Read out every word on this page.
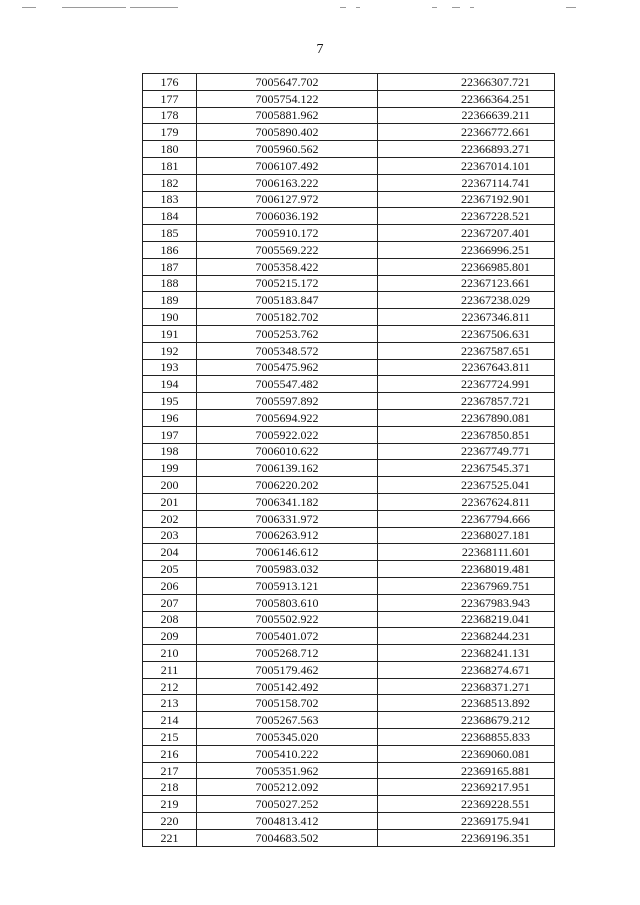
7
176	7005647.702	22366307.721
177	7005754.122	22366364.251
178	7005881.962	22366639.211
179	7005890.402	22366772.661
180	7005960.562	22366893.271
181	7006107.492	22367014.101
182	7006163.222	22367114.741
183	7006127.972	22367192.901
184	7006036.192	22367228.521
185	7005910.172	22367207.401
186	7005569.222	22366996.251
187	7005358.422	22366985.801
188	7005215.172	22367123.661
189	7005183.847	22367238.029
190	7005182.702	22367346.811
191	7005253.762	22367506.631
192	7005348.572	22367587.651
193	7005475.962	22367643.811
194	7005547.482	22367724.991
195	7005597.892	22367857.721
196	7005694.922	22367890.081
197	7005922.022	22367850.851
198	7006010.622	22367749.771
199	7006139.162	22367545.371
200	7006220.202	22367525.041
201	7006341.182	22367624.811
202	7006331.972	22367794.666
203	7006263.912	22368027.181
204	7006146.612	22368111.601
205	7005983.032	22368019.481
206	7005913.121	22367969.751
207	7005803.610	22367983.943
208	7005502.922	22368219.041
209	7005401.072	22368244.231
210	7005268.712	22368241.131
211	7005179.462	22368274.671
212	7005142.492	22368371.271
213	7005158.702	22368513.892
214	7005267.563	22368679.212
215	7005345.020	22368855.833
216	7005410.222	22369060.081
217	7005351.962	22369165.881
218	7005212.092	22369217.951
219	7005027.252	22369228.551
220	7004813.412	22369175.941
221	7004683.502	22369196.351
